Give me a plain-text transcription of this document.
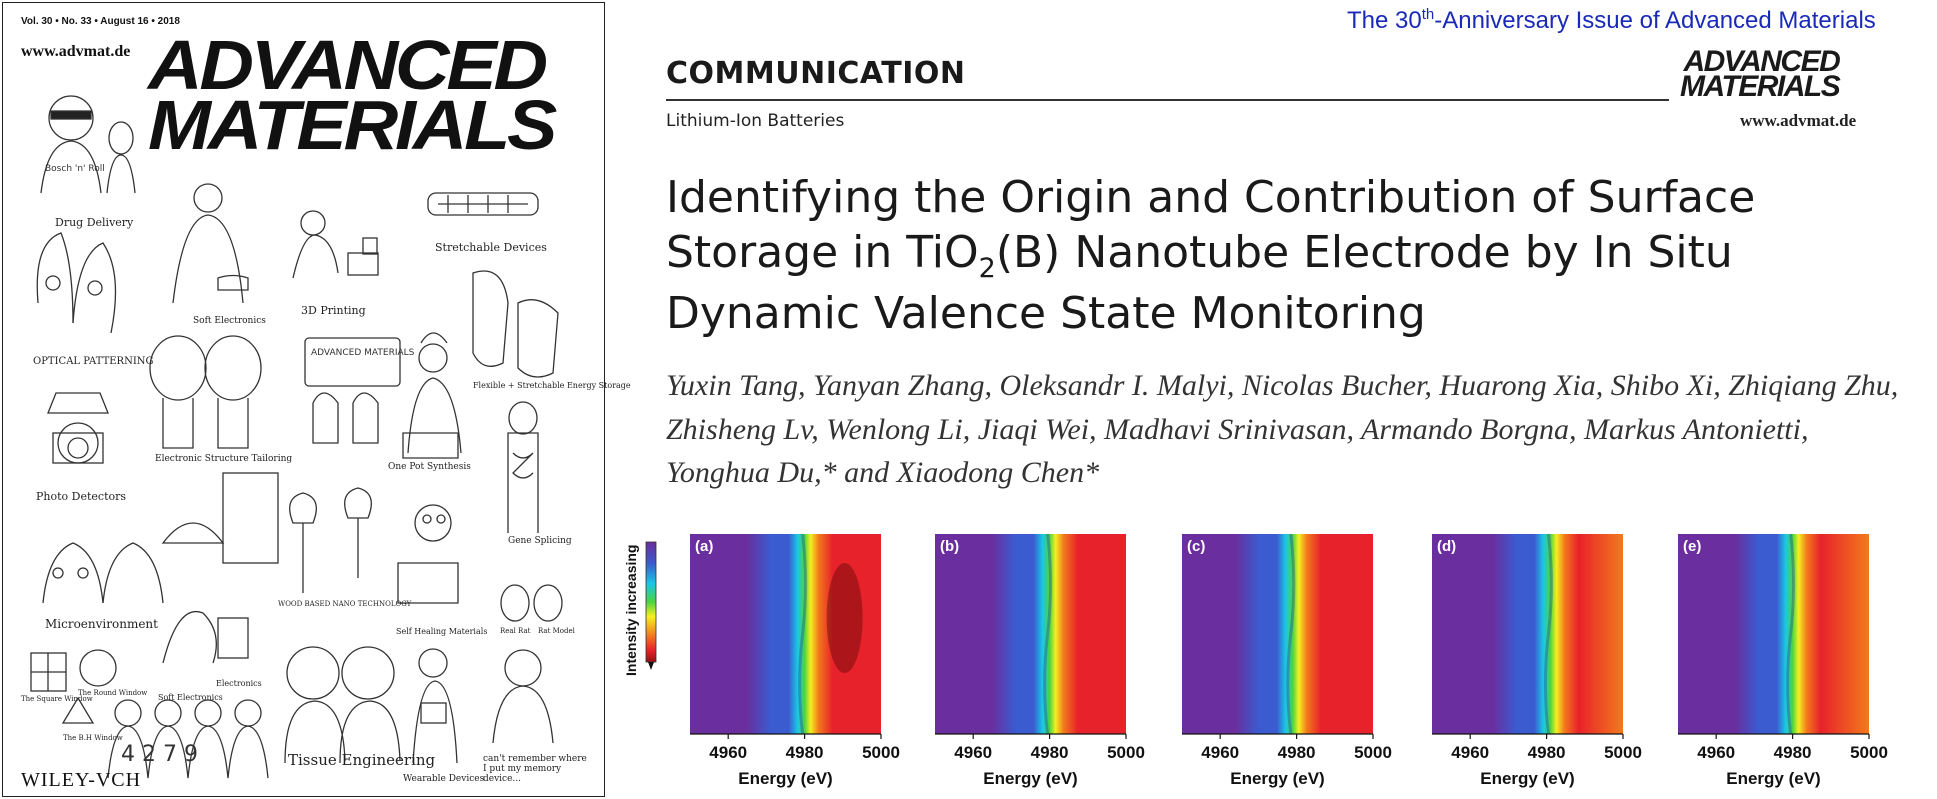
Vol. 30 • No. 33 • August 16 • 2018
www.advmat.de ADVANCED
MATERIALS
ADVANCED MATERIALS
Bosch 'n' Roll
4 2 7 9
Drug Delivery
Stretchable Devices
Soft Electronics
3D Printing
OPTICAL PATTERNING
Flexible + Stretchable Energy Storage
Electronic Structure Tailoring
One Pot Synthesis
Photo Detectors
Gene Splicing
WOOD BASED NANO TECHNOLOGY
Self Healing Materials
Microenvironment
Electronics
Soft Electronics
The Square Window
The Round Window
The B.H Window
Real Rat Rat Model
Tissue Engineering
Wearable Devices
can't remember where I put my memory device...
WILEY-VCH
The 30th-Anniversary Issue of Advanced Materials
COMMUNICATION	ADVANCED
MATERIALS
Lithium-Ion Batteries	www.advmat.de
Identifying the Origin and Contribution of Surface Storage in TiO$_2$(B) Nanotube Electrode by In Situ Dynamic Valence State Monitoring
Yuxin Tang, Yanyan Zhang, Oleksandr I. Malyi, Nicolas Bucher, Huarong Xia, Shibo Xi, Zhiqiang Zhu, Zhisheng Lv, Wenlong Li, Jiaqi Wei, Madhavi Srinivasan, Armando Borgna, Markus Antonietti, Yonghua Du,* and Xiaodong Chen*
Intensity increasing	(a)
4960 4980 5000
Energy (eV)
(b)
4960 4980 5000
Energy (eV)
(c)
4960 4980 5000
Energy (eV)
(d)
4960 4980 5000
Energy (eV)
(e)
4960 4980 5000
Energy (eV)
